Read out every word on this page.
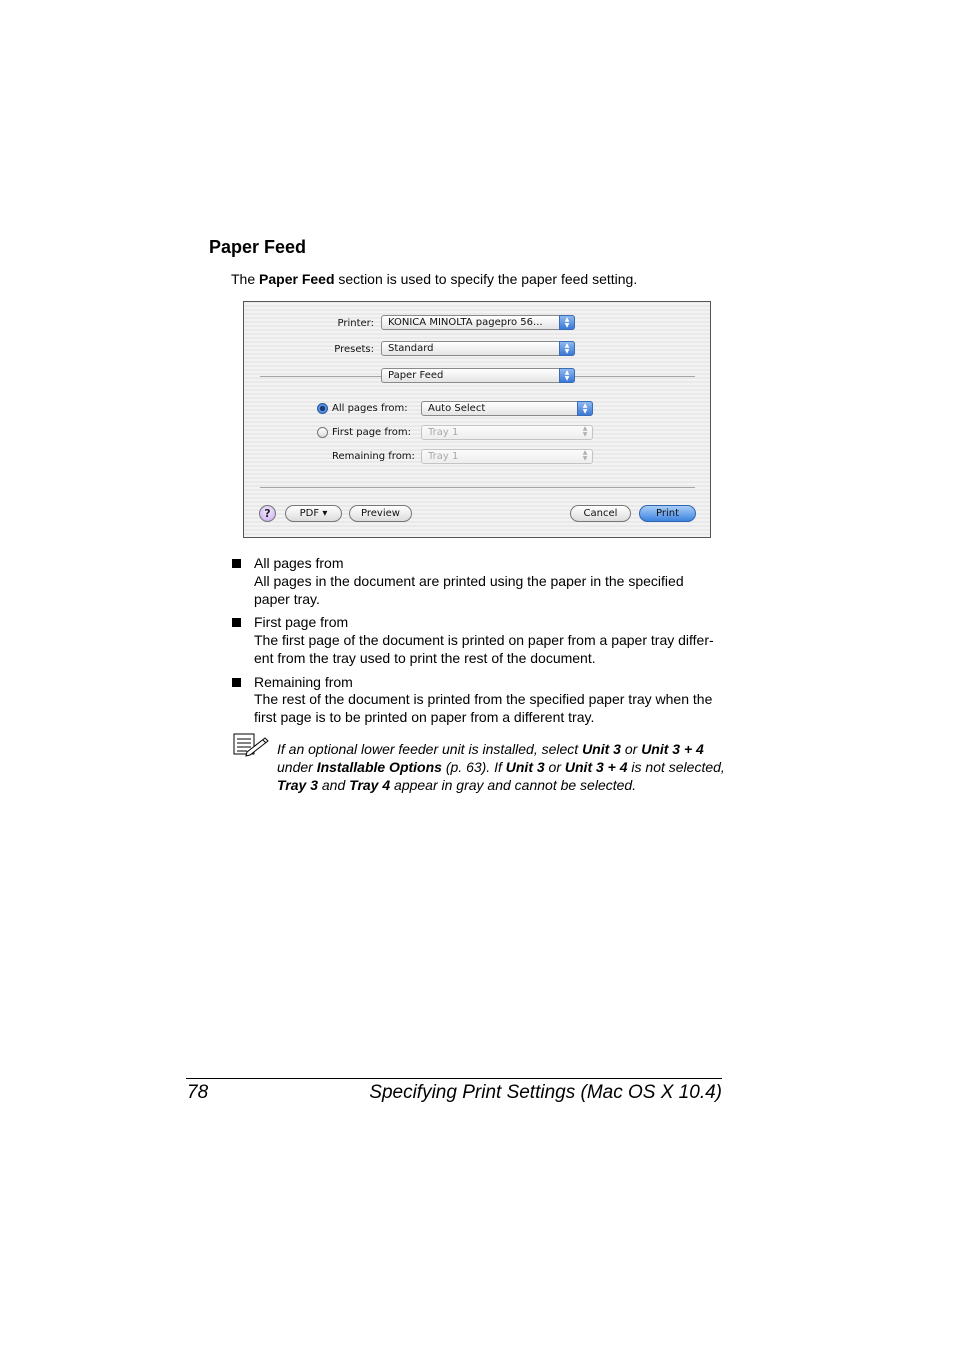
Paper Feed
The Paper Feed section is used to specify the paper feed setting.
Printer:	KONICA MINOLTA pagepro 56...	▲
▼
Presets:	Standard	▲
▼
Paper Feed	▲
▼
All pages from:	Auto Select	▲
▼
First page from:	Tray 1	▲
▼
Remaining from:	Tray 1	▲
▼
?	PDF ▾	Preview	Cancel	Print
All pages from
All pages in the document are printed using the paper in the specified
paper tray.
First page from
The first page of the document is printed on paper from a paper tray differ-
ent from the tray used to print the rest of the document.
Remaining from
The rest of the document is printed from the specified paper tray when the
first page is to be printed on paper from a different tray.
If an optional lower feeder unit is installed, select Unit 3 or Unit 3 + 4 under Installable Options (p. 63). If Unit 3 or Unit 3 + 4 is not selected, Tray 3 and Tray 4 appear in gray and cannot be selected.
78	Specifying Print Settings (Mac OS X 10.4)
